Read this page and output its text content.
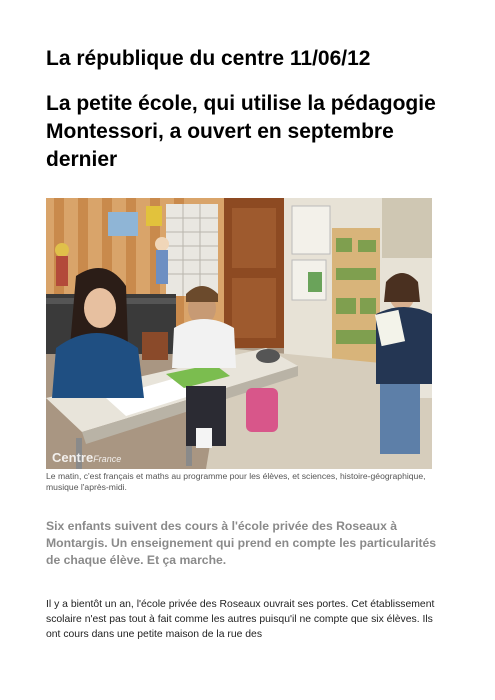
La république du centre 11/06/12
La petite école, qui utilise la pédagogie Montessori, a ouvert en septembre dernier
CentreFrance

Le matin, c'est français et maths au programme pour les élèves, et sciences, histoire-géographique, musique l'après-midi.

Six enfants suivent des cours à l'école privée des Roseaux à Montargis. Un enseignement qui prend en compte les particularités de chaque élève. Et ça marche.

Il y a bientôt un an, l'école privée des Roseaux ouvrait ses portes. Cet établissement scolaire n'est pas tout à fait comme les autres puisqu'il ne compte que six élèves. Ils ont cours dans une petite maison de la rue des
